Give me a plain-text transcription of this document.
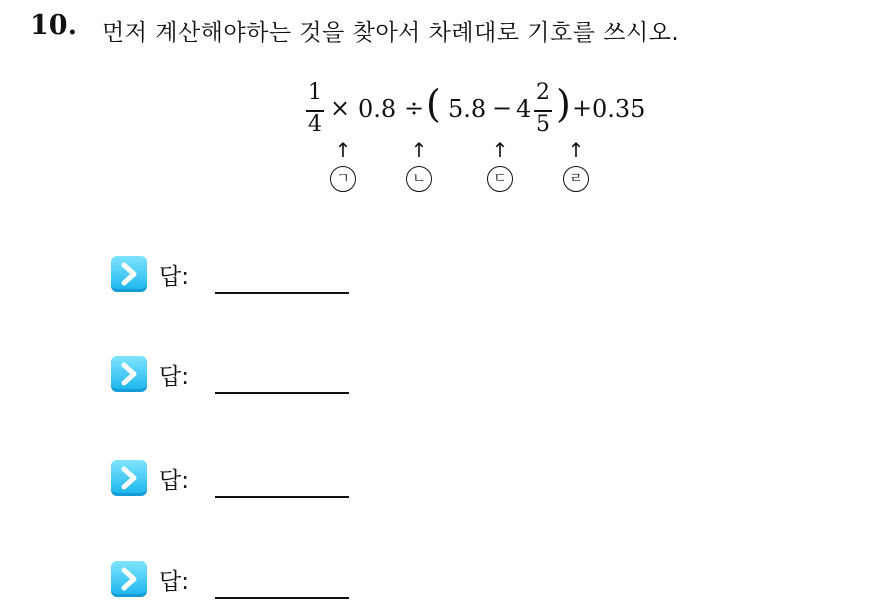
10. 먼저 계산해야하는 것을 찾아서 차례대로 기호를 쓰시오.
1
4
× 0.8 ÷ ( 5.8 − 4
2
5 ) + 0.35
↑
ㄱ
↑
ㄴ
↑
ㄷ
↑
ㄹ
답:
답:
답:
답:
